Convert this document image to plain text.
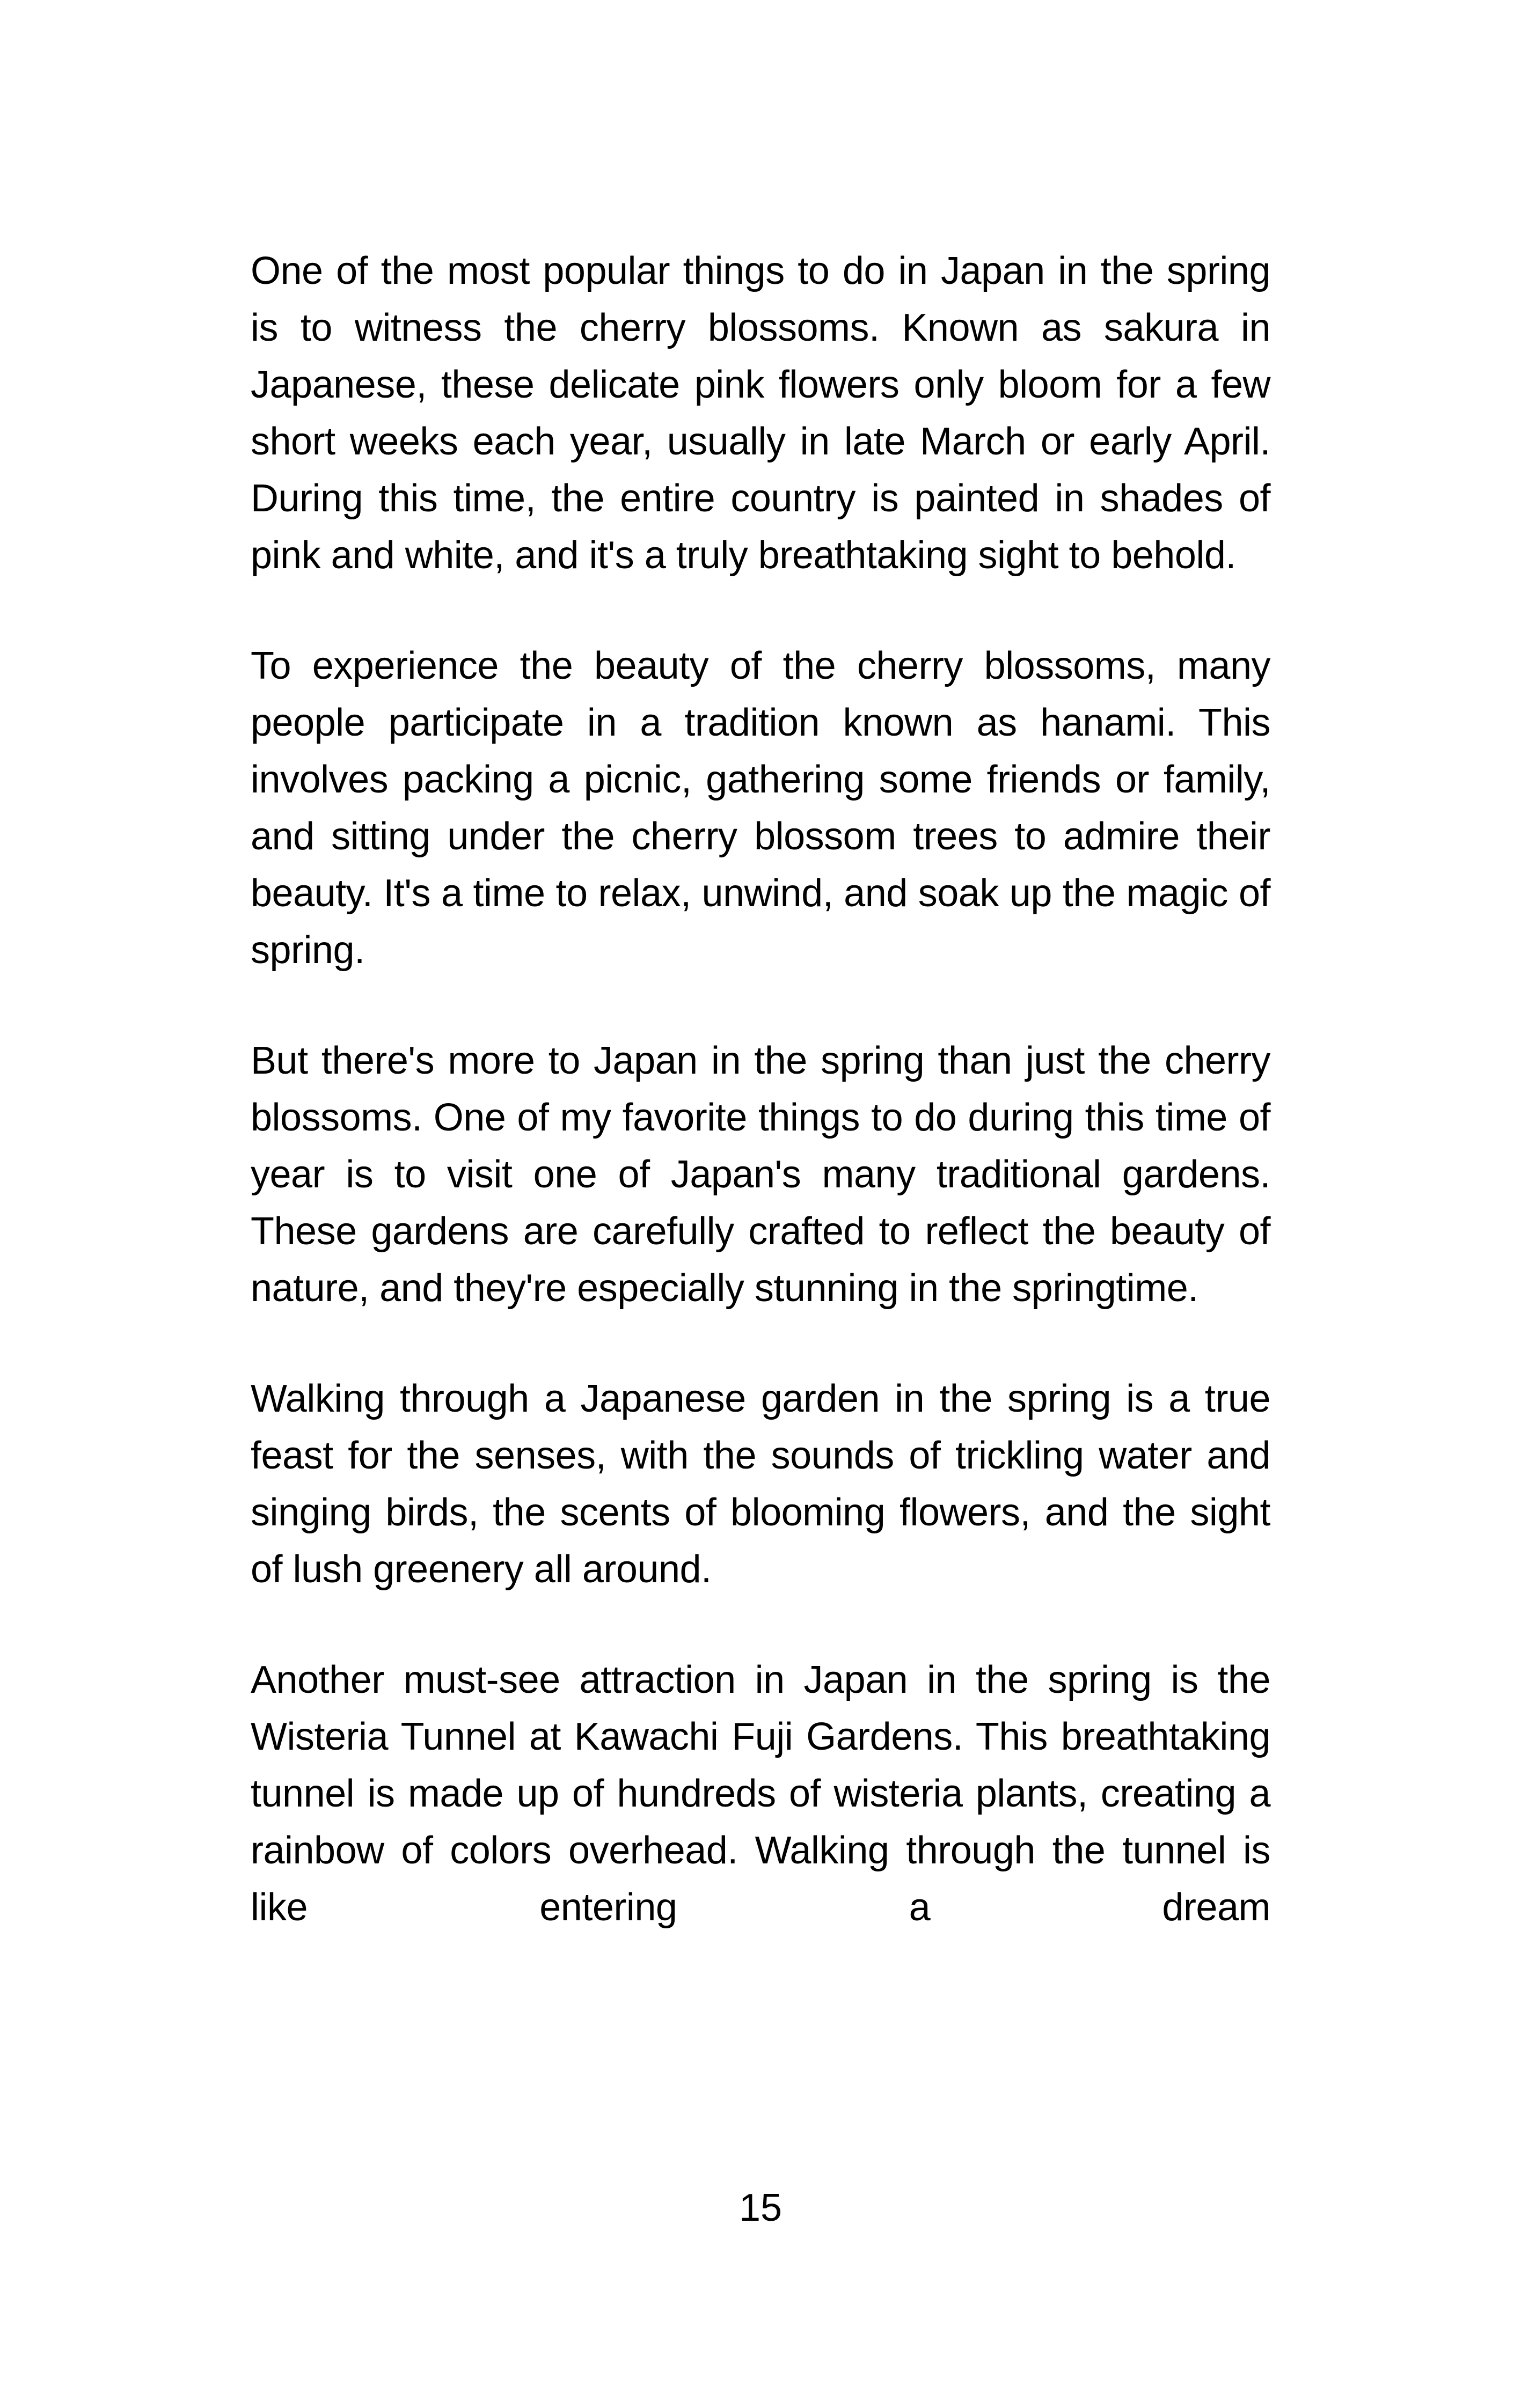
One of the most popular things to do in Japan in the spring is to witness the cherry blossoms. Known as sakura in Japanese, these delicate pink flowers only bloom for a few short weeks each year, usually in late March or early April. During this time, the entire country is painted in shades of pink and white, and it's a truly breathtaking sight to behold.

To experience the beauty of the cherry blossoms, many people participate in a tradition known as hanami. This involves packing a picnic, gathering some friends or family, and sitting under the cherry blossom trees to admire their beauty. It's a time to relax, unwind, and soak up the magic of spring.

But there's more to Japan in the spring than just the cherry blossoms. One of my favorite things to do during this time of year is to visit one of Japan's many traditional gardens. These gardens are carefully crafted to reflect the beauty of nature, and they're especially stunning in the springtime.

Walking through a Japanese garden in the spring is a true feast for the senses, with the sounds of trickling water and singing birds, the scents of blooming flowers, and the sight of lush greenery all around.

Another must-see attraction in Japan in the spring is the Wisteria Tunnel at Kawachi Fuji Gardens. This breathtaking tunnel is made up of hundreds of wisteria plants, creating a rainbow of colors overhead. Walking through the tunnel is like entering a dream

15
